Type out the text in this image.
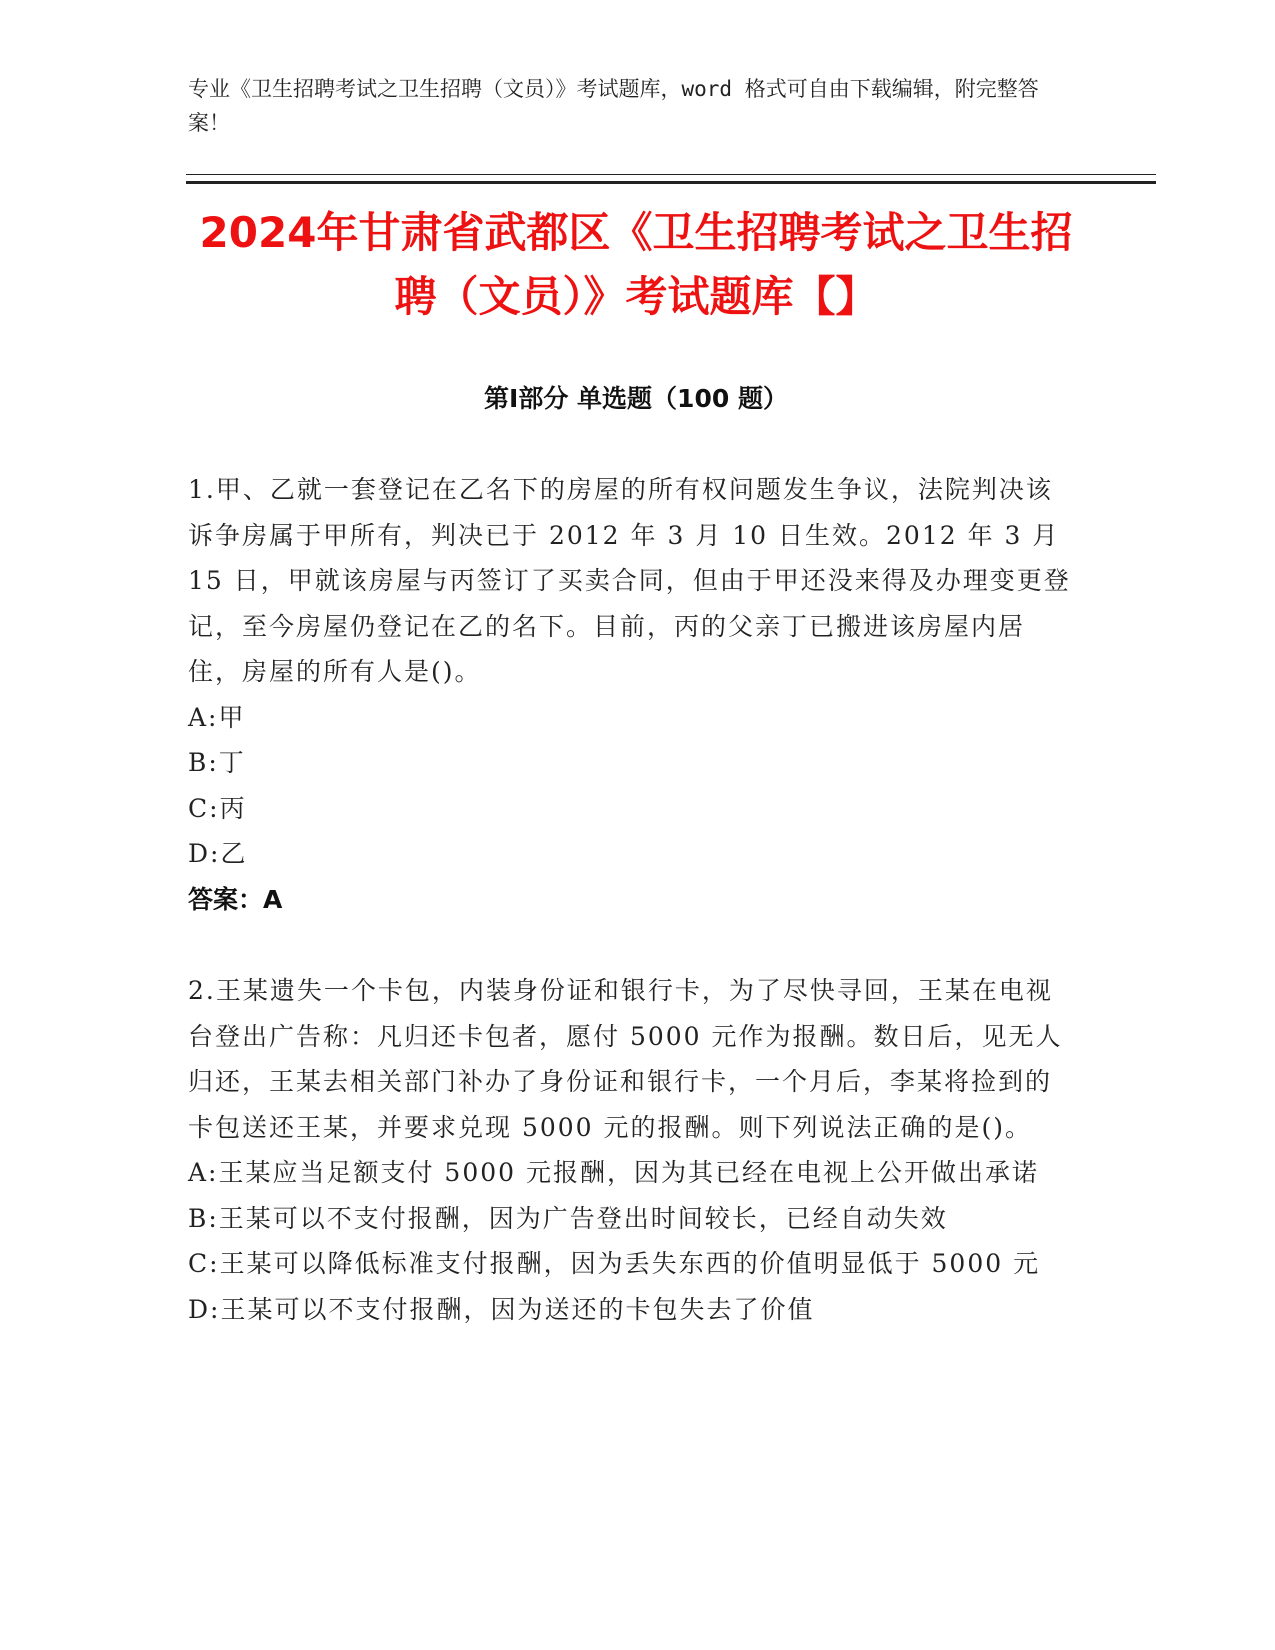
专业《卫生招聘考试之卫生招聘（文员）》考试题库，word 格式可自由下载编辑，附完整答案！

2024年甘肃省武都区《卫生招聘考试之卫生招聘（文员）》考试题库【】
第Ⅰ部分 单选题（100 题）

1.甲、乙就一套登记在乙名下的房屋的所有权问题发生争议，法院判决该诉争房属于甲所有，判决已于 2012 年 3 月 10 日生效。2012 年 3 月 15 日，甲就该房屋与丙签订了买卖合同，但由于甲还没来得及办理变更登记，至今房屋仍登记在乙的名下。目前，丙的父亲丁已搬进该房屋内居住，房屋的所有人是()。

A: 甲
B: 丁
C: 丙
D: 乙

答案：A

2.王某遗失一个卡包，内装身份证和银行卡，为了尽快寻回，王某在电视台登出广告称：凡归还卡包者，愿付 5000 元作为报酬。数日后，见无人归还，王某去相关部门补办了身份证和银行卡，一个月后，李某将捡到的卡包送还王某，并要求兑现 5000 元的报酬。则下列说法正确的是()。

A: 王某应当足额支付 5000 元报酬，因为其已经在电视上公开做出承诺
B: 王某可以不支付报酬，因为广告登出时间较长，已经自动失效
C: 王某可以降低标准支付报酬，因为丢失东西的价值明显低于 5000 元
D: 王某可以不支付报酬，因为送还的卡包失去了价值
